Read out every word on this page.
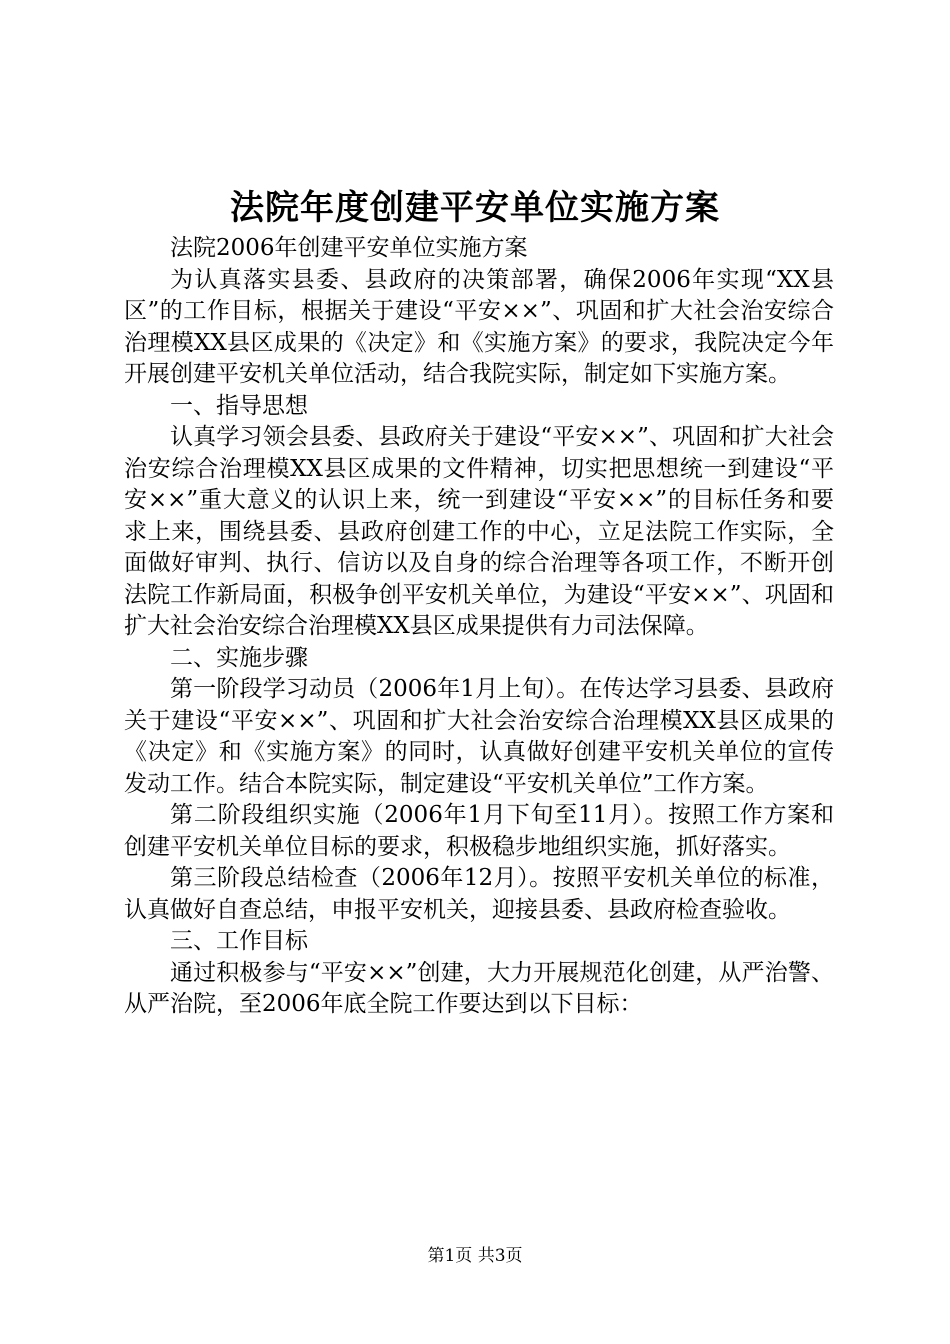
法院年度创建平安单位实施方案

法院2006年创建平安单位实施方案

为认真落实县委、县政府的决策部署，确保2006年实现“XX县区”的工作目标，根据关于建设“平安××”、巩固和扩大社会治安综合治理模XX县区成果的《决定》和《实施方案》的要求，我院决定今年开展创建平安机关单位活动，结合我院实际，制定如下实施方案。

一、指导思想

认真学习领会县委、县政府关于建设“平安××”、巩固和扩大社会治安综合治理模XX县区成果的文件精神，切实把思想统一到建设“平安××”重大意义的认识上来，统一到建设“平安××”的目标任务和要求上来，围绕县委、县政府创建工作的中心，立足法院工作实际，全面做好审判、执行、信访以及自身的综合治理等各项工作，不断开创法院工作新局面，积极争创平安机关单位，为建设“平安××”、巩固和扩大社会治安综合治理模XX县区成果提供有力司法保障。

二、实施步骤

第一阶段学习动员（2006年1月上旬）。在传达学习县委、县政府关于建设“平安××”、巩固和扩大社会治安综合治理模XX县区成果的《决定》和《实施方案》的同时，认真做好创建平安机关单位的宣传发动工作。结合本院实际，制定建设“平安机关单位”工作方案。

第二阶段组织实施（2006年1月下旬至11月）。按照工作方案和创建平安机关单位目标的要求，积极稳步地组织实施，抓好落实。

第三阶段总结检查（2006年12月）。按照平安机关单位的标准，认真做好自查总结，申报平安机关，迎接县委、县政府检查验收。

三、工作目标

通过积极参与“平安××”创建，大力开展规范化创建，从严治警、从严治院，至2006年底全院工作要达到以下目标：

第1页 共3页
